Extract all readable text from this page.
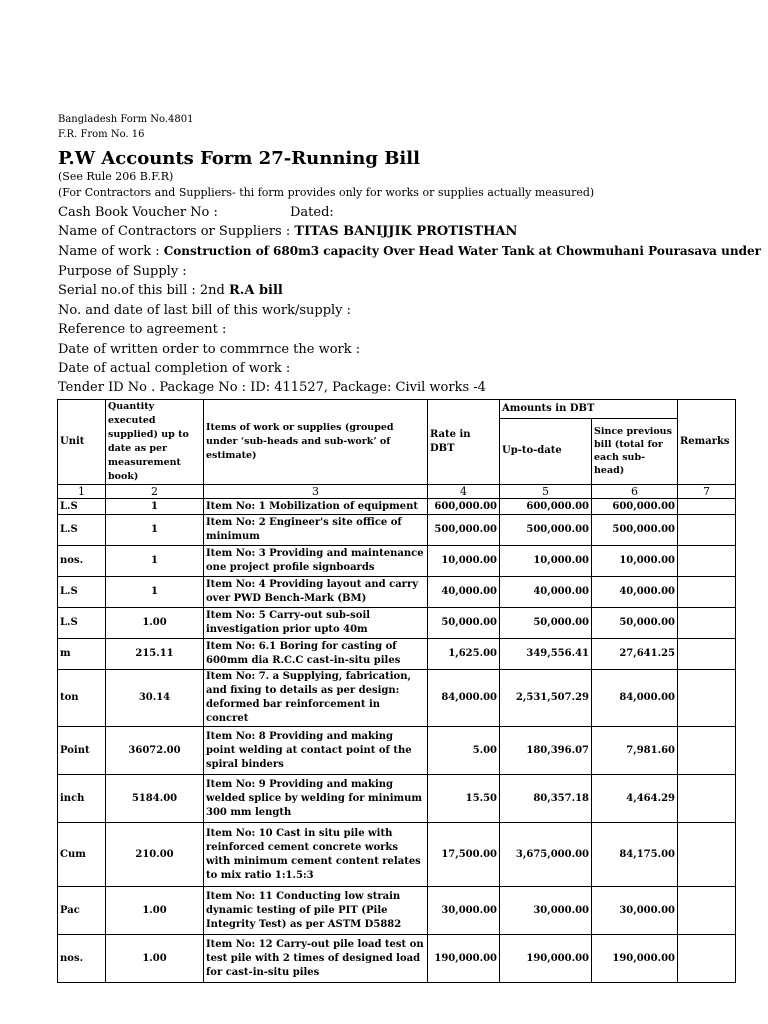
Bangladesh Form No.4801
F.R. From No. 16
P.W Accounts Form 27-Running Bill
(See Rule 206 B.F.R)
(For Contractors and Suppliers- thi form provides only for works or supplies actually measured)
Cash Book Voucher No :	Dated:
Name of Contractors or Suppliers : TITAS BANIJJIK PROTISTHAN
Name of work : Construction of 680m3 capacity Over Head Water Tank at Chowmuhani Pourasava under
Purpose of Supply :
Serial no.of this bill : 2nd R.A bill
No. and date of last bill of this work/supply :
Reference to agreement :
Date of written order to commrnce the work :
Date of actual completion of work :
Tender ID No . Package No : ID: 411527, Package: Civil works -4
Unit	Quantity executed supplied) up to date as per measurement book)	Items of work or supplies (grouped under ‘sub-heads and sub-work’ of estimate)	Rate in DBT	Amounts in DBT		Remarks
				Up-to-date	Since previous bill (total for each sub-head)	
1	2	3	4	5	6	7
L.S	1	Item No: 1 Mobilization of equipment	600,000.00	600,000.00	600,000.00	
L.S	1	Item No: 2 Engineer's site office of minimum	500,000.00	500,000.00	500,000.00	
nos.	1	Item No: 3 Providing and maintenance one project profile signboards	10,000.00	10,000.00	10,000.00	
L.S	1	Item No: 4 Providing layout and carry over PWD Bench-Mark (BM)	40,000.00	40,000.00	40,000.00	
L.S	1.00	Item No: 5 Carry-out sub-soil investigation prior upto 40m	50,000.00	50,000.00	50,000.00	
m	215.11	Item No: 6.1 Boring for casting of 600mm dia R.C.C cast-in-situ piles	1,625.00	349,556.41	27,641.25	
ton	30.14	Item No: 7. a Supplying, fabrication, and fixing to details as per design: deformed bar reinforcement in concret	84,000.00	2,531,507.29	84,000.00	
Point	36072.00	Item No: 8 Providing and making point welding at contact point of the spiral binders	5.00	180,396.07	7,981.60	
inch	5184.00	Item No: 9 Providing and making welded splice by welding for minimum 300 mm length	15.50	80,357.18	4,464.29	
Cum	210.00	Item No: 10 Cast in situ pile with reinforced cement concrete works with minimum cement content relates to mix ratio 1:1.5:3	17,500.00	3,675,000.00	84,175.00	
Pac	1.00	Item No: 11 Conducting low strain dynamic testing of pile PIT (Pile Integrity Test) as per ASTM D5882	30,000.00	30,000.00	30,000.00	
nos.	1.00	Item No: 12 Carry-out pile load test on test pile with 2 times of designed load for cast-in-situ piles	190,000.00	190,000.00	190,000.00	
